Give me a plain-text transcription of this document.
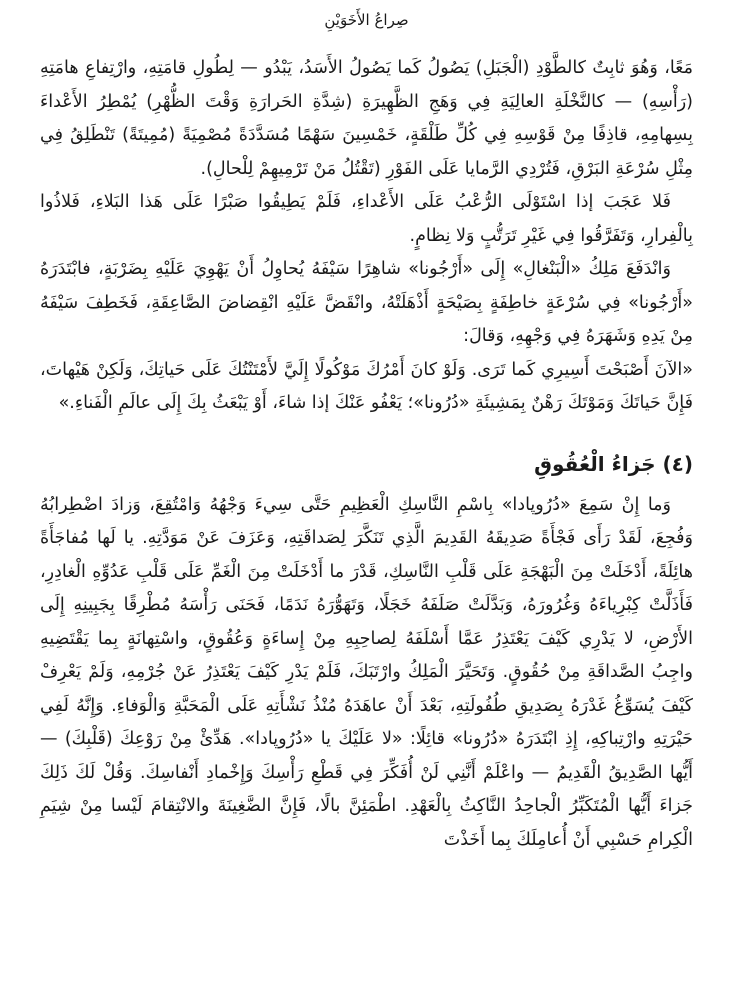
صِراعُ الأَخَوَيْنِ

مَعًا، وَهُوَ ثابِتٌ كالطَّوْدِ (الْجَبَلِ) يَصُولُ كَما يَصُولُ الأَسَدُ، يَبْدُو — لِطُولِ قامَتِهِ، وارْتِفاعِ هامَتِهِ (رَأْسِهِ) — كالنَّخْلَةِ العالِيَةِ فِي وَهَجِ الظَّهِيرَةِ (شِدَّةِ الحَرارَةِ وَقْتَ الظُّهْرِ) يُمْطِرُ الأَعْداءَ بِسِهامِهِ، قاذِفًا مِنْ قَوْسِهِ فِي كُلِّ طَلْقَةٍ، خَمْسِينَ سَهْمًا مُسَدَّدَةً مُصْمِيَةً (مُمِيتَةً) تَنْطَلِقُ فِي مِثْلِ سُرْعَةِ البَرْقِ، فَتُرْدِي الرَّمايا عَلَى الفَوْرِ (تَقْتُلُ مَنْ تَرْمِيهِمْ لِلْحالِ).

فَلا عَجَبَ إذا اسْتَوْلَى الرُّعْبُ عَلَى الأَعْداءِ، فَلَمْ يَطِيقُوا صَبْرًا عَلَى هَذا البَلاءِ، فَلاذُوا بِالْفِرارِ، وَتَفَرَّقُوا فِي غَيْرِ تَرَتُّبٍ وَلا نِظامٍ.

وَانْدَفَعَ مَلِكُ «الْبَنْغالِ» إِلَى «أَرْجُونا» شاهِرًا سَيْفَهُ يُحاوِلُ أَنْ يَهْوِيَ عَلَيْهِ بِضَرْبَةٍ، فابْتَدَرَهُ «أَرْجُونا» فِي سُرْعَةٍ خاطِفَةٍ بِصَيْحَةٍ أَذْهَلَتْهُ، وانْقَضَّ عَلَيْهِ انْقِضاضَ الصَّاعِقَةِ، فَخَطِفَ سَيْفَهُ مِنْ يَدِهِ وَشَهَرَهُ فِي وَجْهِهِ، وَقالَ:

«الآنَ أَصْبَحْتَ أَسِيرِي كَما تَرَى. وَلَوْ كانَ أَمْرُكَ مَوْكُولًا إِلَيَّ لأَمْتَنْتُكَ عَلَى حَياتِكَ، وَلَكِنْ هَيْهاتَ، فَإِنَّ حَياتَكَ وَمَوْتَكَ رَهْنٌ بِمَشِيئَةِ «دُرُونا»؛ يَعْفُو عَنْكَ إذا شاءَ، أَوْ يَبْعَثُ بِكَ إِلَى عالَمِ الْفَناءِ.»

(٤) جَزاءُ الْعُقُوقِ

وَما إِنْ سَمِعَ «دُرُوپادا» بِاسْمِ النَّاسِكِ الْعَظِيمِ حَتَّى سِيءَ وَجْهُهُ وَامْتُقِعَ، وَزادَ اضْطِرابُهُ وَفُجِعَ، لَقَدْ رَأَى فَجْأَةً صَدِيقَهُ القَدِيمَ الَّذِي تَنَكَّرَ لِصَداقَتِهِ، وَعَزَفَ عَنْ مَوَدَّتِهِ. يا لَها مُفاجَأَةً هائِلَةً، أَدْخَلَتْ مِنَ الْبَهْجَةِ عَلَى قَلْبِ النَّاسِكِ، قَدْرَ ما أَدْخَلَتْ مِنَ الْغَمِّ عَلَى قَلْبِ عَدُوِّهِ الْغادِرِ، فَأَذَلَّتْ كِبْرِياءَهُ وَغُرُورَهُ، وَبَدَّلَتْ صَلَفَهُ خَجَلًا، وَتَهَوُّرَهُ نَدَمًا، فَحَنَى رَأْسَهُ مُطْرِقًا بِجَبِينِهِ إِلَى الأَرْضِ، لا يَدْرِي كَيْفَ يَعْتَذِرُ عَمَّا أَسْلَفَهُ لِصاحِبِهِ مِنْ إِساءَةٍ وَعُقُوقٍ، واسْتِهانَةٍ بِما يَقْتَضِيهِ واجِبُ الصَّداقَةِ مِنْ حُقُوقٍ. وَتَحَيَّرَ الْمَلِكُ وارْتَبَكَ، فَلَمْ يَدْرِ كَيْفَ يَعْتَذِرُ عَنْ جُرْمِهِ، وَلَمْ يَعْرِفْ كَيْفَ يُسَوِّغُ غَدْرَهُ بِصَدِيقِ طُفُولَتِهِ، بَعْدَ أَنْ عاهَدَهُ مُنْذُ نَشْأَتِهِ عَلَى الْمَحَبَّةِ وَالْوَفاءِ. وَإِنَّهُ لَفِي حَيْرَتِهِ وارْتِباكِهِ، إِذِ ابْتَدَرَهُ «دُرُونا» قائِلًا: «لا عَلَيْكَ يا «دُرُوپادا». هَدِّئْ مِنْ رَوْعِكَ (قَلْبِكَ) — أَيُّها الصَّدِيقُ الْقَدِيمُ — واعْلَمْ أَنَّنِي لَنْ أُفَكِّرَ فِي قَطْعِ رَأْسِكَ وَإِخْمادِ أَنْفاسِكَ. وَقُلْ لَكَ ذَلِكَ جَزاءَ أَيُّها الْمُتَكَبِّرُ الْجاحِدُ النَّاكِثُ بِالْعَهْدِ. اطْمَئِنَّ بالًا، فَإِنَّ الضَّغِينَةَ والانْتِقامَ لَيْسا مِنْ شِيَمِ الْكِرامِ حَسْبِي أَنْ أُعامِلَكَ بِما أَخَذْتَ
